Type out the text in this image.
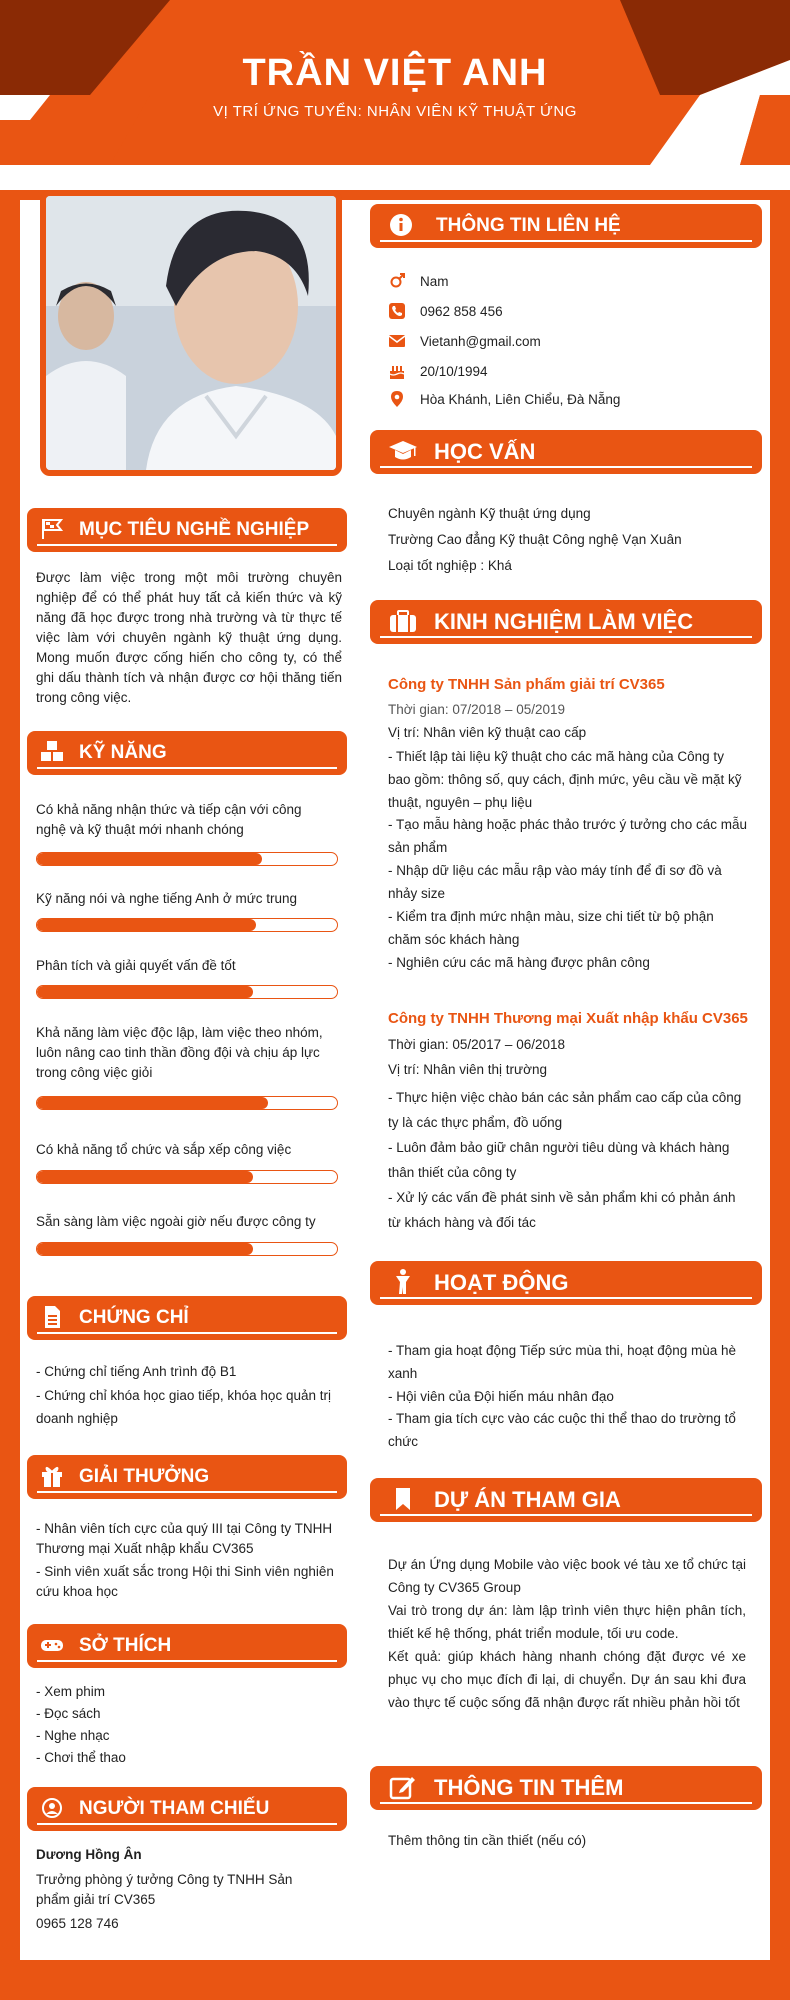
TRẦN VIỆT ANH
VỊ TRÍ ỨNG TUYỂN: NHÂN VIÊN KỸ THUẬT ỨNG
MỤC TIÊU NGHỀ NGHIỆP
Được làm việc trong một môi trường chuyên nghiệp để có thể phát huy tất cả kiến thức và kỹ năng đã học được trong nhà trường và từ thực tế việc làm với chuyên ngành kỹ thuật ứng dụng. Mong muốn được cống hiến cho công ty, có thể ghi dấu thành tích và nhận được cơ hội thăng tiến trong công việc.
KỸ NĂNG
Có khả năng nhận thức và tiếp cận với công nghệ và kỹ thuật mới nhanh chóng
Kỹ năng nói và nghe tiếng Anh ở mức trung
Phân tích và giải quyết vấn đề tốt
Khả năng làm việc độc lập, làm việc theo nhóm, luôn nâng cao tinh thần đồng đội và chịu áp lực trong công việc giỏi
Có khả năng tổ chức và sắp xếp công việc
Sẵn sàng làm việc ngoài giờ nếu được công ty
CHỨNG CHỈ
- Chứng chỉ tiếng Anh trình độ B1
- Chứng chỉ khóa học giao tiếp, khóa học quản trị doanh nghiệp
GIẢI THƯỞNG
- Nhân viên tích cực của quý III tại Công ty TNHH Thương mại Xuất nhập khẩu CV365
- Sinh viên xuất sắc trong Hội thi Sinh viên nghiên cứu khoa học
SỞ THÍCH
- Xem phim
- Đọc sách
- Nghe nhạc
- Chơi thể thao
NGƯỜI THAM CHIẾU
Dương Hồng Ân
Trưởng phòng ý tưởng Công ty TNHH Sản phẩm giải trí CV365
0965 128 746
THÔNG TIN LIÊN HỆ
Nam
0962 858 456
Vietanh@gmail.com
20/10/1994
Hòa Khánh, Liên Chiểu, Đà Nẵng
HỌC VẤN
Chuyên ngành Kỹ thuật ứng dụng
Trường Cao đẳng Kỹ thuật Công nghệ Vạn Xuân
Loại tốt nghiệp : Khá
KINH NGHIỆM LÀM VIỆC
Công ty TNHH Sản phẩm giải trí CV365
Thời gian: 07/2018 – 05/2019
Vị trí: Nhân viên kỹ thuật cao cấp
- Thiết lập tài liệu kỹ thuật cho các mã hàng của Công ty bao gồm: thông số, quy cách, định mức, yêu cầu về mặt kỹ thuật, nguyên – phụ liệu
- Tạo mẫu hàng hoặc phác thảo trước ý tưởng cho các mẫu sản phẩm
- Nhập dữ liệu các mẫu rập vào máy tính để đi sơ đồ và nhảy size
- Kiểm tra định mức nhận màu, size chi tiết từ bộ phận chăm sóc khách hàng
- Nghiên cứu các mã hàng được phân công
Công ty TNHH Thương mại Xuất nhập khẩu CV365
Thời gian: 05/2017 – 06/2018
Vị trí: Nhân viên thị trường
- Thực hiện việc chào bán các sản phẩm cao cấp của công ty là các thực phẩm, đồ uống
- Luôn đảm bảo giữ chân người tiêu dùng và khách hàng thân thiết của công ty
- Xử lý các vấn đề phát sinh về sản phẩm khi có phản ánh từ khách hàng và đối tác
HOẠT ĐỘNG
- Tham gia hoạt động Tiếp sức mùa thi, hoạt động mùa hè xanh
- Hội viên của Đội hiến máu nhân đạo
- Tham gia tích cực vào các cuộc thi thể thao do trường tổ chức
DỰ ÁN THAM GIA
Dự án Ứng dụng Mobile vào việc book vé tàu xe tổ chức tại Công ty CV365 Group
Vai trò trong dự án: làm lập trình viên thực hiện phân tích, thiết kế hệ thống, phát triển module, tối ưu code.
Kết quả: giúp khách hàng nhanh chóng đặt được vé xe phục vụ cho mục đích đi lại, di chuyển. Dự án sau khi đưa vào thực tế cuộc sống đã nhận được rất nhiều phản hồi tốt
THÔNG TIN THÊM
Thêm thông tin cần thiết (nếu có)
